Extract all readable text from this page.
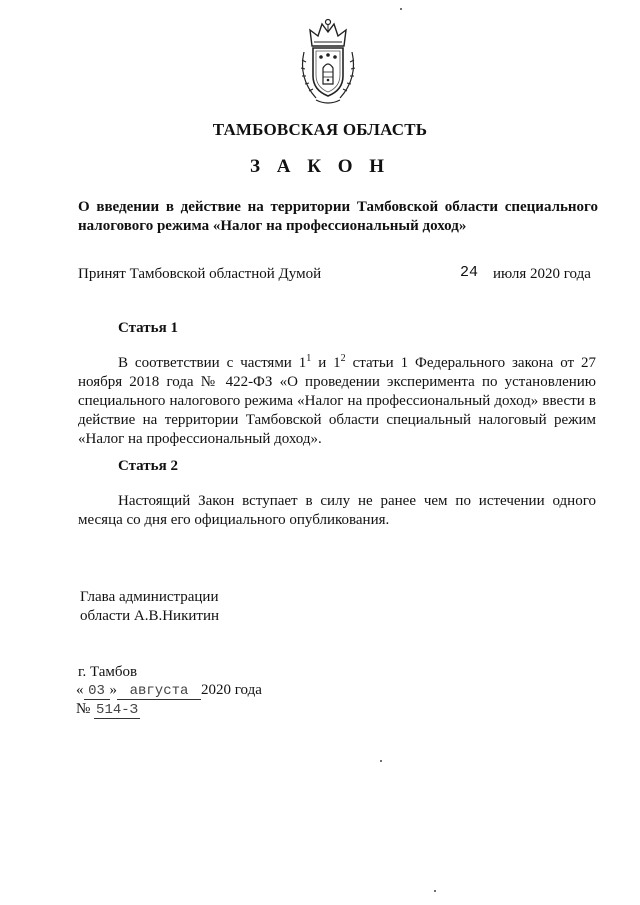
ТАМБОВСКАЯ ОБЛАСТЬ
З А К О Н
О введении в действие на территории Тамбовской области специального налогового режима «Налог на профессиональный доход»
Принят Тамбовской областной Думой	24 июля 2020 года
Статья 1
В соответствии с частями $1^1$ и $1^2$ статьи 1 Федерального закона от 27 ноября 2018 года № 422-ФЗ «О проведении эксперимента по установлению специального налогового режима «Налог на профессиональный доход» ввести в действие на территории Тамбовской области специальный налоговый режим «Налог на профессиональный доход».
Статья 2
Настоящий Закон вступает в силу не ранее чем по истечении одного месяца со дня его официального опубликования.
Глава администрации
области А.В.Никитин
г. Тамбов
« 03 » августа 2020 года
№ 514-З
